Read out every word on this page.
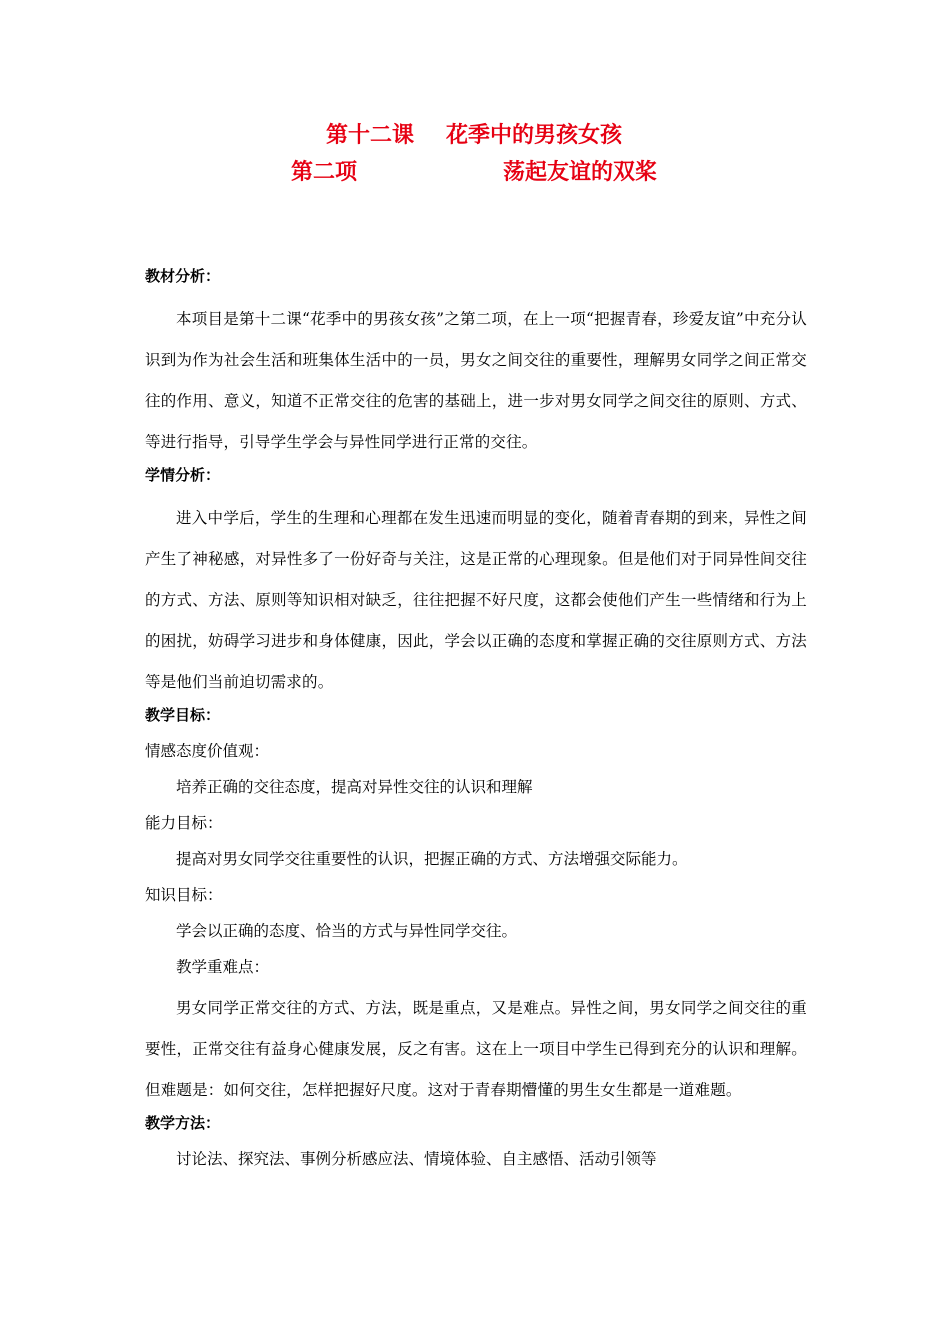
第十二课 花季中的男孩女孩
第二项	荡起友谊的双桨

教材分析：

本项目是第十二课“花季中的男孩女孩”之第二项，在上一项“把握青春，珍爱友谊”中充分认识到为作为社会生活和班集体生活中的一员，男女之间交往的重要性，理解男女同学之间正常交往的作用、意义，知道不正常交往的危害的基础上，进一步对男女同学之间交往的原则、方式、等进行指导，引导学生学会与异性同学进行正常的交往。

学情分析：

进入中学后，学生的生理和心理都在发生迅速而明显的变化，随着青春期的到来，异性之间产生了神秘感，对异性多了一份好奇与关注，这是正常的心理现象。但是他们对于同异性间交往的方式、方法、原则等知识相对缺乏，往往把握不好尺度，这都会使他们产生一些情绪和行为上的困扰，妨碍学习进步和身体健康，因此，学会以正确的态度和掌握正确的交往原则方式、方法等是他们当前迫切需求的。

教学目标：

情感态度价值观：

培养正确的交往态度，提高对异性交往的认识和理解

能力目标：

提高对男女同学交往重要性的认识，把握正确的方式、方法增强交际能力。

知识目标：

学会以正确的态度、恰当的方式与异性同学交往。

教学重难点：

男女同学正常交往的方式、方法，既是重点，又是难点。异性之间，男女同学之间交往的重要性，正常交往有益身心健康发展，反之有害。这在上一项目中学生已得到充分的认识和理解。但难题是：如何交往，怎样把握好尺度。这对于青春期懵懂的男生女生都是一道难题。

教学方法：

讨论法、探究法、事例分析感应法、情境体验、自主感悟、活动引领等
